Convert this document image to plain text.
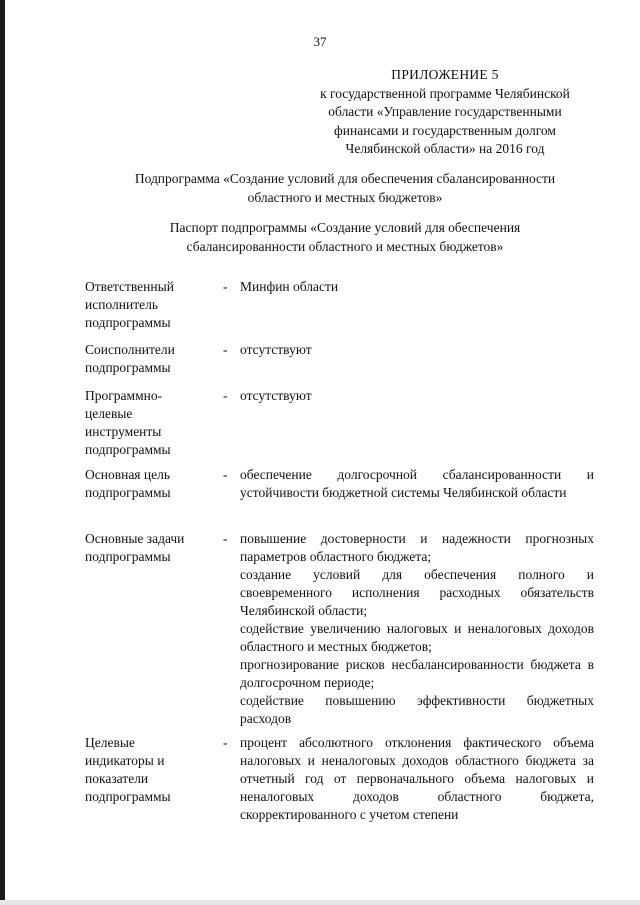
37
ПРИЛОЖЕНИЕ 5
к государственной программе Челябинской
области «Управление государственными
финансами и государственным долгом
Челябинской области» на 2016 год
Подпрограмма «Создание условий для обеспечения сбалансированности
областного и местных бюджетов»
Паспорт подпрограммы «Создание условий для обеспечения
сбалансированности областного и местных бюджетов»
Ответственный
исполнитель
подпрограммы
- Минфин области

Соисполнители
подпрограммы
- отсутствуют

Программно-
целевые
инструменты
подпрограммы
- отсутствуют

Основная цель
подпрограммы
- обеспечение долгосрочной сбалансированности и устойчивости бюджетной системы Челябинской области

Основные задачи
подпрограммы
- повышение достоверности и надежности прогнозных параметров областного бюджета;

создание условий для обеспечения полного и своевременного исполнения расходных обязательств Челябинской области;

содействие увеличению налоговых и неналоговых доходов областного и местных бюджетов;

прогнозирование рисков несбалансированности бюджета в долгосрочном периоде;

содействие повышению эффективности бюджетных расходов

Целевые
индикаторы и
показатели
подпрограммы
- процент абсолютного отклонения фактического объема налоговых и неналоговых доходов областного бюджета за отчетный год от первоначального объема налоговых и неналоговых доходов областного бюджета, скорректированного с учетом степени
